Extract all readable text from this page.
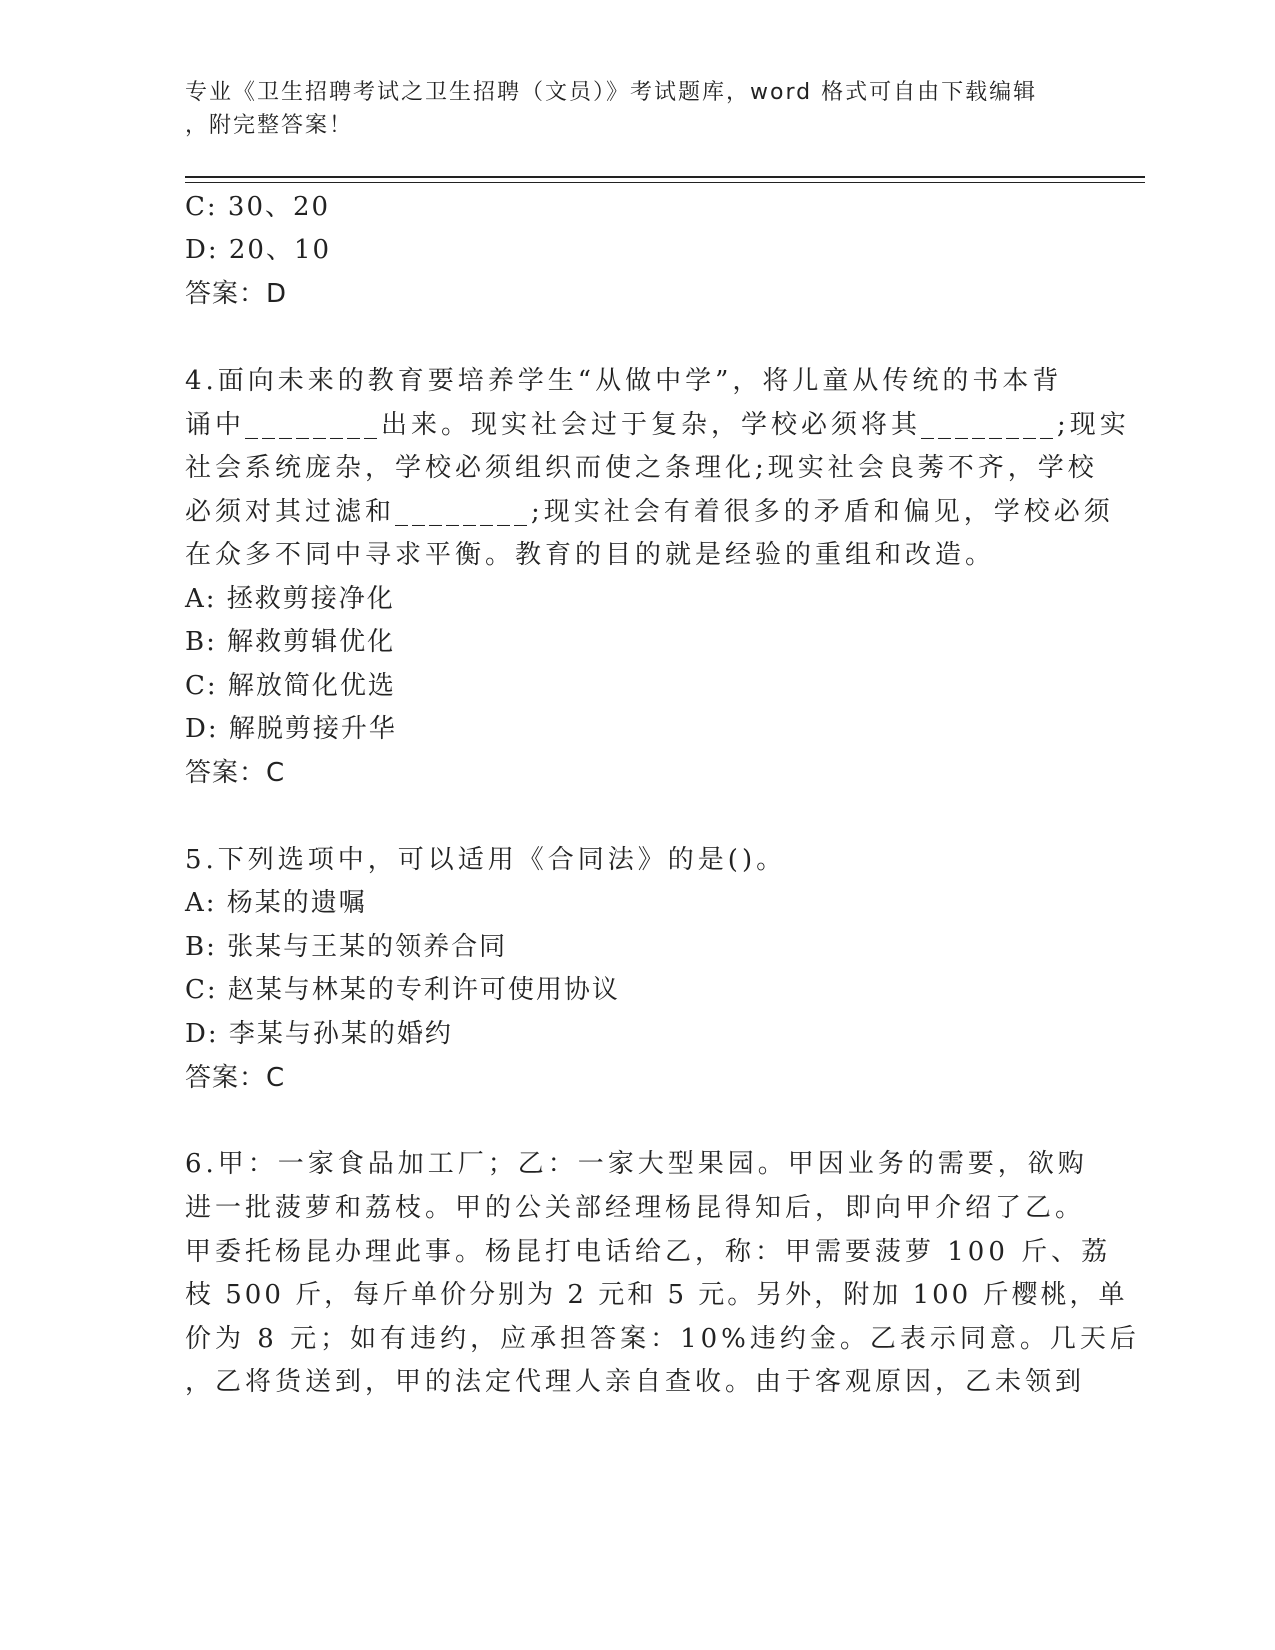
专业《卫生招聘考试之卫生招聘（文员）》考试题库，word 格式可自由下载编辑
，附完整答案！
C: 30、20
D: 20、10
答案：D
4.面向未来的教育要培养学生“从做中学”，将儿童从传统的书本背
诵中________出来。现实社会过于复杂，学校必须将其________;现实
社会系统庞杂，学校必须组织而使之条理化;现实社会良莠不齐，学校
必须对其过滤和________;现实社会有着很多的矛盾和偏见，学校必须
在众多不同中寻求平衡。教育的目的就是经验的重组和改造。
A: 拯救剪接净化
B: 解救剪辑优化
C: 解放简化优选
D: 解脱剪接升华
答案：C
5.下列选项中，可以适用《合同法》的是()。
A: 杨某的遗嘱
B: 张某与王某的领养合同
C: 赵某与林某的专利许可使用协议
D: 李某与孙某的婚约
答案：C
6.甲：一家食品加工厂；乙：一家大型果园。甲因业务的需要，欲购
进一批菠萝和荔枝。甲的公关部经理杨昆得知后，即向甲介绍了乙。
甲委托杨昆办理此事。杨昆打电话给乙，称：甲需要菠萝 100 斤、荔
枝 500 斤，每斤单价分别为 2 元和 5 元。另外，附加 100 斤樱桃，单
价为 8 元；如有违约，应承担答案：10%违约金。乙表示同意。几天后
，乙将货送到，甲的法定代理人亲自查收。由于客观原因，乙未领到
